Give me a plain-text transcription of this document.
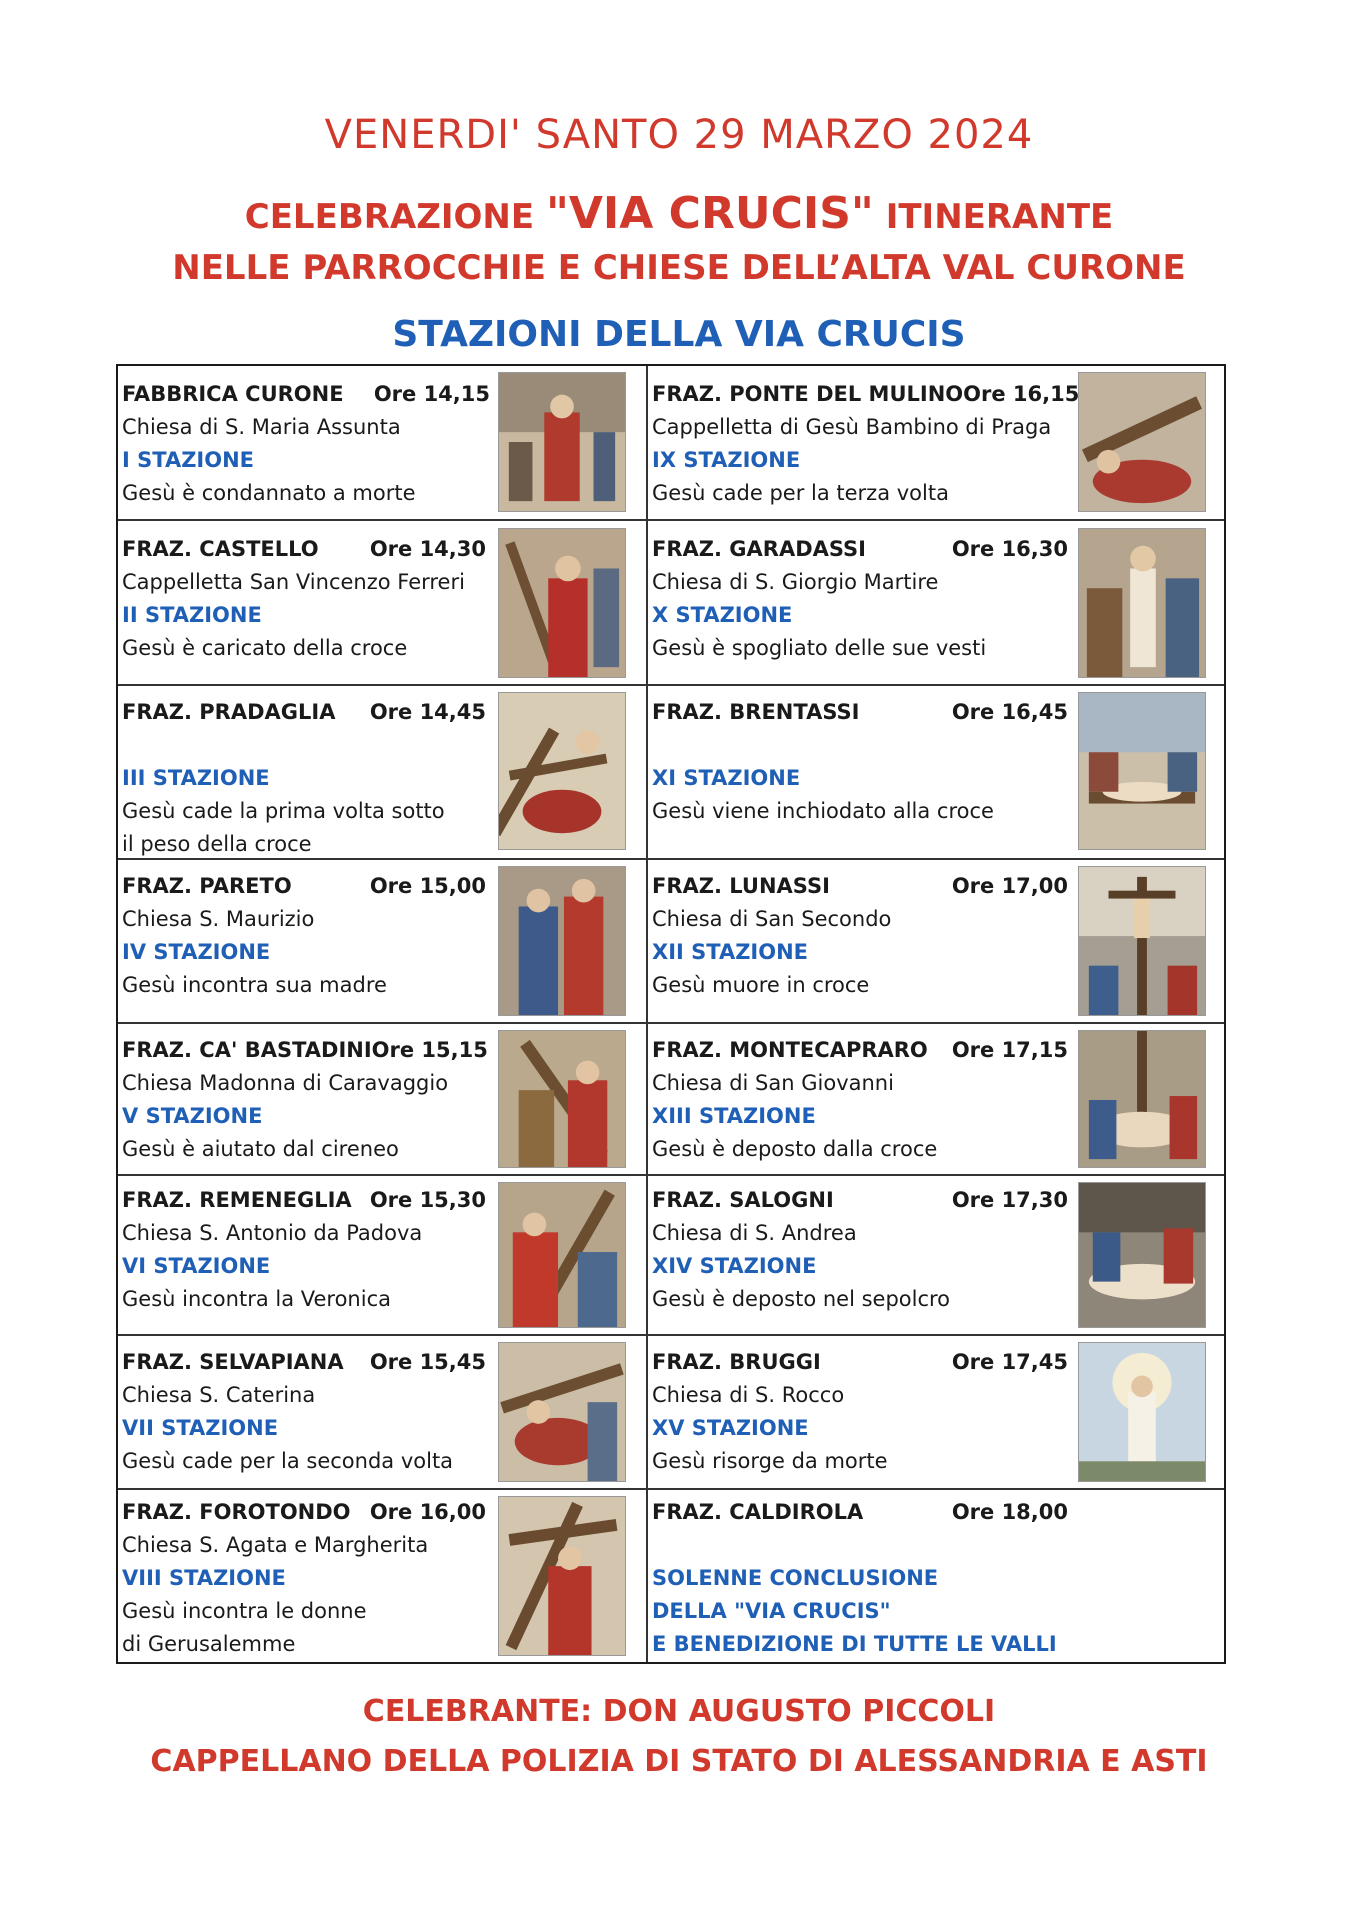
VENERDI' SANTO 29 MARZO 2024
CELEBRAZIONE "VIA CRUCIS" ITINERANTE
NELLE PARROCCHIE E CHIESE DELL’ALTA VAL CURONE
STAZIONI DELLA VIA CRUCIS
FABBRICA CURONE Ore 14,15
Chiesa di S. Maria Assunta
I STAZIONE
Gesù è condannato a morte
FRAZ. CASTELLO Ore 14,30
Cappelletta San Vincenzo Ferreri
II STAZIONE
Gesù è caricato della croce
FRAZ. PRADAGLIA Ore 14,45
III STAZIONE
Gesù cade la prima volta sotto
il peso della croce
FRAZ. PARETO	Ore 15,00
Chiesa S. Maurizio
IV STAZIONE
Gesù incontra sua madre
FRAZ. CA' BASTADINI Ore 15,15
Chiesa Madonna di Caravaggio
V STAZIONE
Gesù è aiutato dal cireneo
FRAZ. REMENEGLIA Ore 15,30
Chiesa S. Antonio da Padova
VI STAZIONE
Gesù incontra la Veronica
FRAZ. SELVAPIANA Ore 15,45
Chiesa S. Caterina
VII STAZIONE
Gesù cade per la seconda volta
FRAZ. FOROTONDO Ore 16,00
Chiesa S. Agata e Margherita
VIII STAZIONE
Gesù incontra le donne
di Gerusalemme
FRAZ. PONTE DEL MULINO Ore 16,15
Cappelletta di Gesù Bambino di Praga
IX STAZIONE
Gesù cade per la terza volta
FRAZ. GARADASSI	Ore 16,30
Chiesa di S. Giorgio Martire
X STAZIONE
Gesù è spogliato delle sue vesti
FRAZ. BRENTASSI	Ore 16,45
XI STAZIONE
Gesù viene inchiodato alla croce
FRAZ. LUNASSI	Ore 17,00
Chiesa di San Secondo
XII STAZIONE
Gesù muore in croce
FRAZ. MONTECAPRARO Ore 17,15
Chiesa di San Giovanni
XIII STAZIONE
Gesù è deposto dalla croce
FRAZ. SALOGNI	Ore 17,30
Chiesa di S. Andrea
XIV STAZIONE
Gesù è deposto nel sepolcro
FRAZ. BRUGGI	Ore 17,45
Chiesa di S. Rocco
XV STAZIONE
Gesù risorge da morte
FRAZ. CALDIROLA	Ore 18,00
SOLENNE CONCLUSIONE
DELLA "VIA CRUCIS"
E BENEDIZIONE DI TUTTE LE VALLI
CELEBRANTE: DON AUGUSTO PICCOLI
CAPPELLANO DELLA POLIZIA DI STATO DI ALESSANDRIA E ASTI
